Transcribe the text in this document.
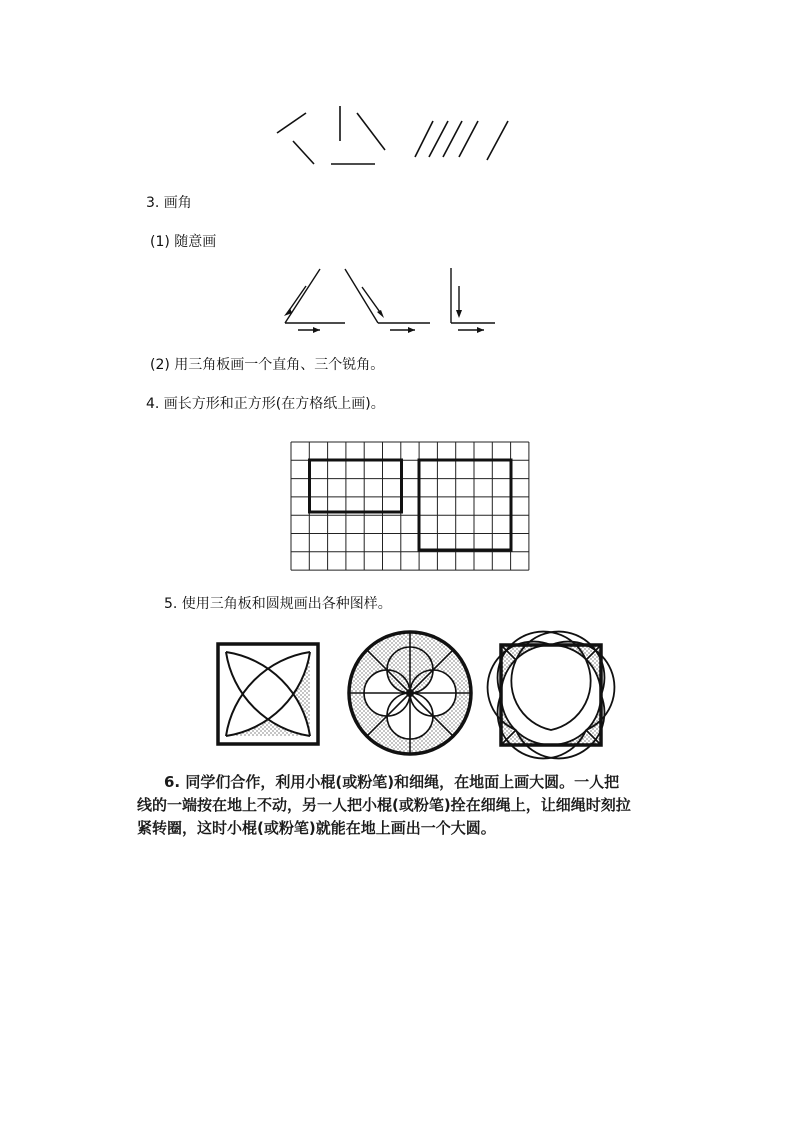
3. 画角
(1) 随意画
(2) 用三角板画一个直角、三个锐角。
4. 画长方形和正方形(在方格纸上画)。
5. 使用三角板和圆规画出各种图样。
6. 同学们合作，利用小棍(或粉笔)和细绳，在地面上画大圆。一人把
线的一端按在地上不动，另一人把小棍(或粉笔)拴在细绳上，让细绳时刻拉
紧转圈，这时小棍(或粉笔)就能在地上画出一个大圆。
